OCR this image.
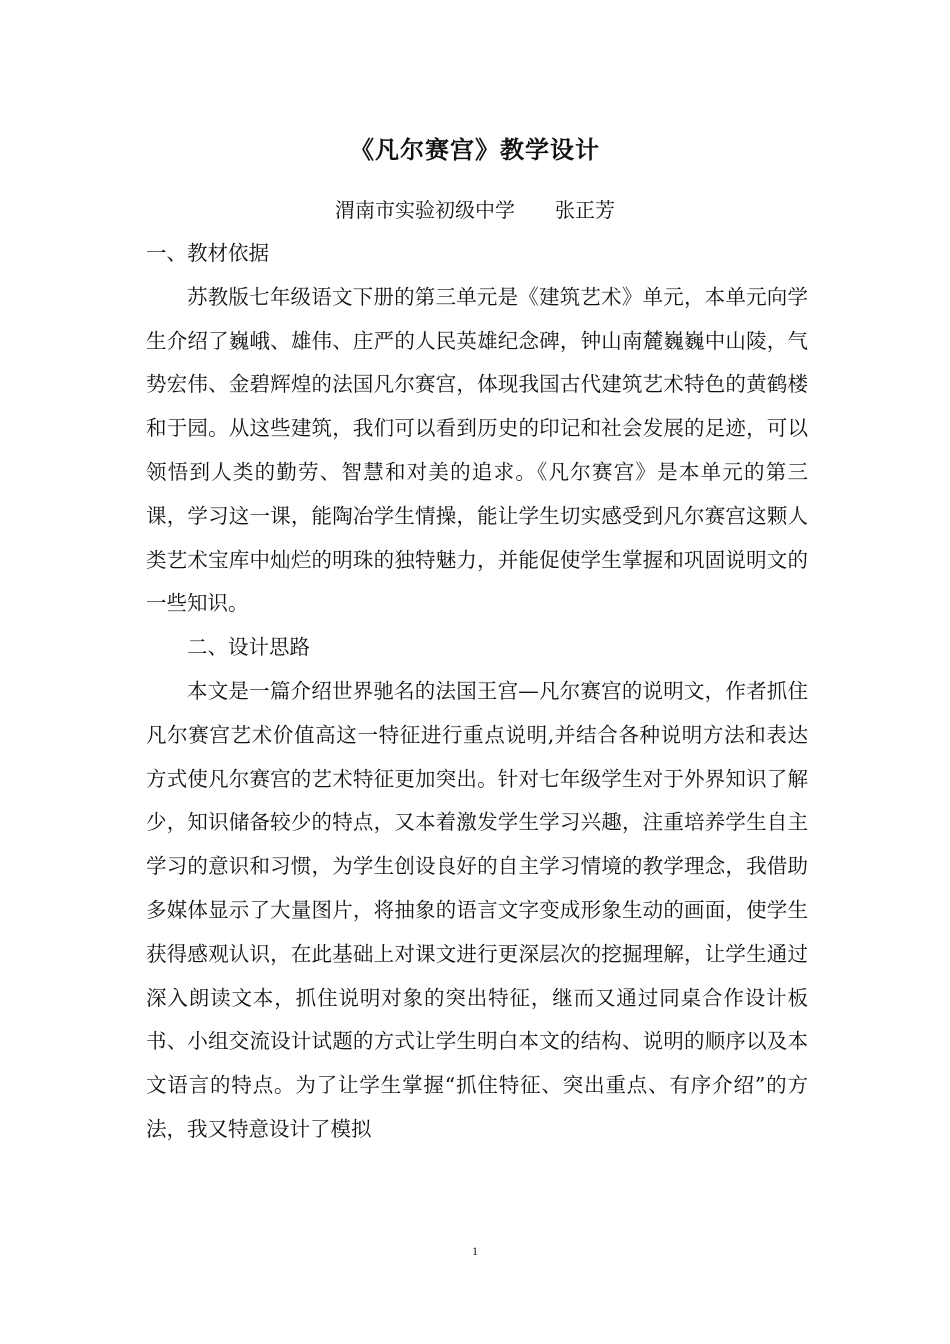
《凡尔赛宫》教学设计
渭南市实验初级中学 张正芳

一、教材依据

苏教版七年级语文下册的第三单元是《建筑艺术》单元，本单元向学生介绍了巍峨、雄伟、庄严的人民英雄纪念碑，钟山南麓巍巍中山陵，气势宏伟、金碧辉煌的法国凡尔赛宫，体现我国古代建筑艺术特色的黄鹤楼和于园。从这些建筑，我们可以看到历史的印记和社会发展的足迹，可以领悟到人类的勤劳、智慧和对美的追求。《凡尔赛宫》是本单元的第三课，学习这一课，能陶冶学生情操，能让学生切实感受到凡尔赛宫这颗人类艺术宝库中灿烂的明珠的独特魅力，并能促使学生掌握和巩固说明文的一些知识。

二、设计思路

本文是一篇介绍世界驰名的法国王宫—凡尔赛宫的说明文，作者抓住凡尔赛宫艺术价值高这一特征进行重点说明,并结合各种说明方法和表达方式使凡尔赛宫的艺术特征更加突出。针对七年级学生对于外界知识了解少，知识储备较少的特点，又本着激发学生学习兴趣，注重培养学生自主学习的意识和习惯，为学生创设良好的自主学习情境的教学理念，我借助多媒体显示了大量图片，将抽象的语言文字变成形象生动的画面，使学生获得感观认识，在此基础上对课文进行更深层次的挖掘理解，让学生通过深入朗读文本，抓住说明对象的突出特征，继而又通过同桌合作设计板书、小组交流设计试题的方式让学生明白本文的结构、说明的顺序以及本文语言的特点。为了让学生掌握“抓住特征、突出重点、有序介绍”的方法，我又特意设计了模拟

1
